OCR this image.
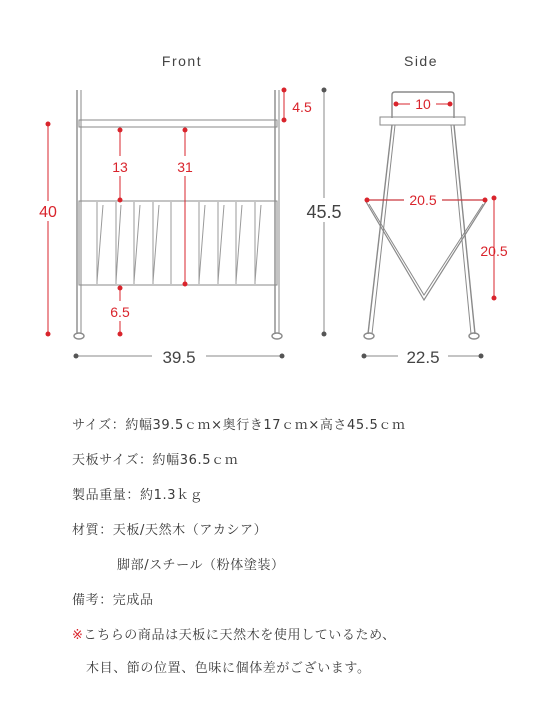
Front	Side
40
4.5
13	31
6.5
39.5
45.5
10
20.5
20.5
22.5
サイズ：約幅39.5ｃｍ×奥行き17ｃｍ×高さ45.5ｃｍ
天板サイズ：約幅36.5ｃｍ
製品重量：約1.3ｋｇ
材質：天板/天然木（アカシア）
脚部/スチール（粉体塗装）
備考：完成品
※こちらの商品は天板に天然木を使用しているため、
木目、節の位置、色味に個体差がございます。
